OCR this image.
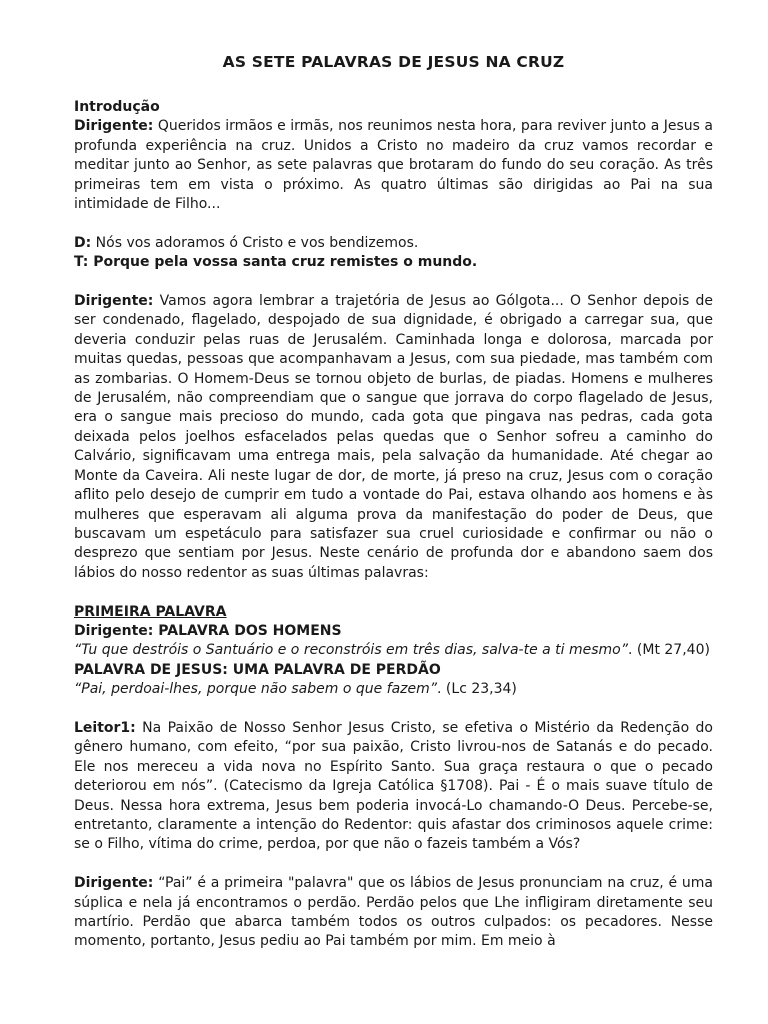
AS SETE PALAVRAS DE JESUS NA CRUZ

Introdução

Dirigente: Queridos irmãos e irmãs, nos reunimos nesta hora, para reviver junto a Jesus a profunda experiência na cruz. Unidos a Cristo no madeiro da cruz vamos recordar e meditar junto ao Senhor, as sete palavras que brotaram do fundo do seu coração. As três primeiras tem em vista o próximo. As quatro últimas são dirigidas ao Pai na sua intimidade de Filho...

D: Nós vos adoramos ó Cristo e vos bendizemos.

T: Porque pela vossa santa cruz remistes o mundo.

Dirigente: Vamos agora lembrar a trajetória de Jesus ao Gólgota... O Senhor depois de ser condenado, flagelado, despojado de sua dignidade, é obrigado a carregar sua, que deveria conduzir pelas ruas de Jerusalém. Caminhada longa e dolorosa, marcada por muitas quedas, pessoas que acompanhavam a Jesus, com sua piedade, mas também com as zombarias. O Homem-Deus se tornou objeto de burlas, de piadas. Homens e mulheres de Jerusalém, não compreendiam que o sangue que jorrava do corpo flagelado de Jesus, era o sangue mais precioso do mundo, cada gota que pingava nas pedras, cada gota deixada pelos joelhos esfacelados pelas quedas que o Senhor sofreu a caminho do Calvário, significavam uma entrega mais, pela salvação da humanidade. Até chegar ao Monte da Caveira. Ali neste lugar de dor, de morte, já preso na cruz, Jesus com o coração aflito pelo desejo de cumprir em tudo a vontade do Pai, estava olhando aos homens e às mulheres que esperavam ali alguma prova da manifestação do poder de Deus, que buscavam um espetáculo para satisfazer sua cruel curiosidade e confirmar ou não o desprezo que sentiam por Jesus. Neste cenário de profunda dor e abandono saem dos lábios do nosso redentor as suas últimas palavras:

PRIMEIRA PALAVRA

Dirigente: PALAVRA DOS HOMENS

“Tu que destróis o Santuário e o reconstróis em três dias, salva-te a ti mesmo”. (Mt 27,40)

PALAVRA DE JESUS: UMA PALAVRA DE PERDÃO

“Pai, perdoai-lhes, porque não sabem o que fazem”. (Lc 23,34)

Leitor1: Na Paixão de Nosso Senhor Jesus Cristo, se efetiva o Mistério da Redenção do gênero humano, com efeito, “por sua paixão, Cristo livrou-nos de Satanás e do pecado. Ele nos mereceu a vida nova no Espírito Santo. Sua graça restaura o que o pecado deteriorou em nós”. (Catecismo da Igreja Católica §1708). Pai - É o mais suave título de Deus. Nessa hora extrema, Jesus bem poderia invocá-Lo chamando-O Deus. Percebe-se, entretanto, claramente a intenção do Redentor: quis afastar dos criminosos aquele crime: se o Filho, vítima do crime, perdoa, por que não o fazeis também a Vós?

Dirigente: “Pai” é a primeira "palavra" que os lábios de Jesus pronunciam na cruz, é uma súplica e nela já encontramos o perdão. Perdão pelos que Lhe infligiram diretamente seu martírio. Perdão que abarca também todos os outros culpados: os pecadores. Nesse momento, portanto, Jesus pediu ao Pai também por mim. Em meio à
